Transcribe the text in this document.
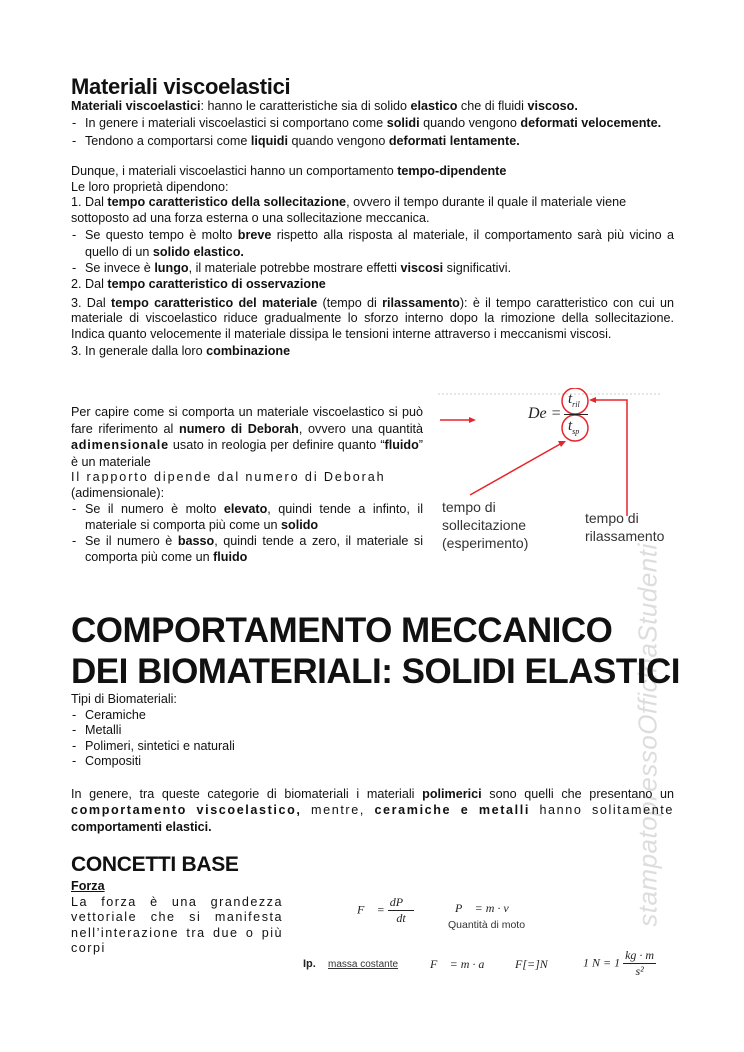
stampatopressoOfficinaStudenti
Materiali viscoelastici

Materiali viscoelastici: hanno le caratteristiche sia di solido elastico che di fluidi viscoso.

- In genere i materiali viscoelastici si comportano come solidi quando vengono deformati velocemente.

- Tendono a comportarsi come liquidi quando vengono deformati lentamente.

Dunque, i materiali viscoelastici hanno un comportamento tempo-dipendente

Le loro proprietà dipendono:

1. Dal tempo caratteristico della sollecitazione, ovvero il tempo durante il quale il materiale viene sottoposto ad una forza esterna o una sollecitazione meccanica.

- Se questo tempo è molto breve rispetto alla risposta al materiale, il comportamento sarà più vicino a quello di un solido elastico.

- Se invece è lungo, il materiale potrebbe mostrare effetti viscosi significativi.

2. Dal tempo caratteristico di osservazione

3. Dal tempo caratteristico del materiale (tempo di rilassamento): è il tempo caratteristico con cui un materiale di viscoelastico riduce gradualmente lo sforzo interno dopo la rimozione della sollecitazione. Indica quanto velocemente il materiale dissipa le tensioni interne attraverso i meccanismi viscosi.

3. In generale dalla loro combinazione

Per capire come si comporta un materiale viscoelastico si può fare riferimento al numero di Deborah, ovvero una quantità adimensionale usato in reologia per definire quanto “fluido” è un materiale

Il rapporto dipende dal numero di Deborah

(adimensionale):

- Se il numero è molto elevato, quindi tende a infinto, il materiale si comporta più come un solido

- Se il numero è basso, quindi tende a zero, il materiale si comporta più come un fluido

De =
$t_{ril}$
$t_{sp}$
tempo di
sollecitazione
(esperimento)
tempo di
rilassamento
COMPORTAMENTO MECCANICO
DEI BIOMATERIALI: SOLIDI ELASTICI

Tipi di Biomateriali:

- Ceramiche

- Metalli

- Polimeri, sintetici e naturali

- Compositi

In genere, tra queste categorie di biomateriali i materiali polimerici sono quelli che presentano un comportamento viscoelastico, mentre, ceramiche e metalli hanno solitamente comportamenti elastici.

CONCETTI BASE

Forza

La forza è una grandezza vettoriale che si manifesta nell’interazione tra due o più corpi

F⃗ = $\frac{dP⃗}{dt}$	P⃗ = m · v⃗
Quantità di moto
Ip. massa costante	F⃗ = m · a⃗ F[=]N	1 $N = 1 \frac{kg \cdot m}{\text{s²}}$
